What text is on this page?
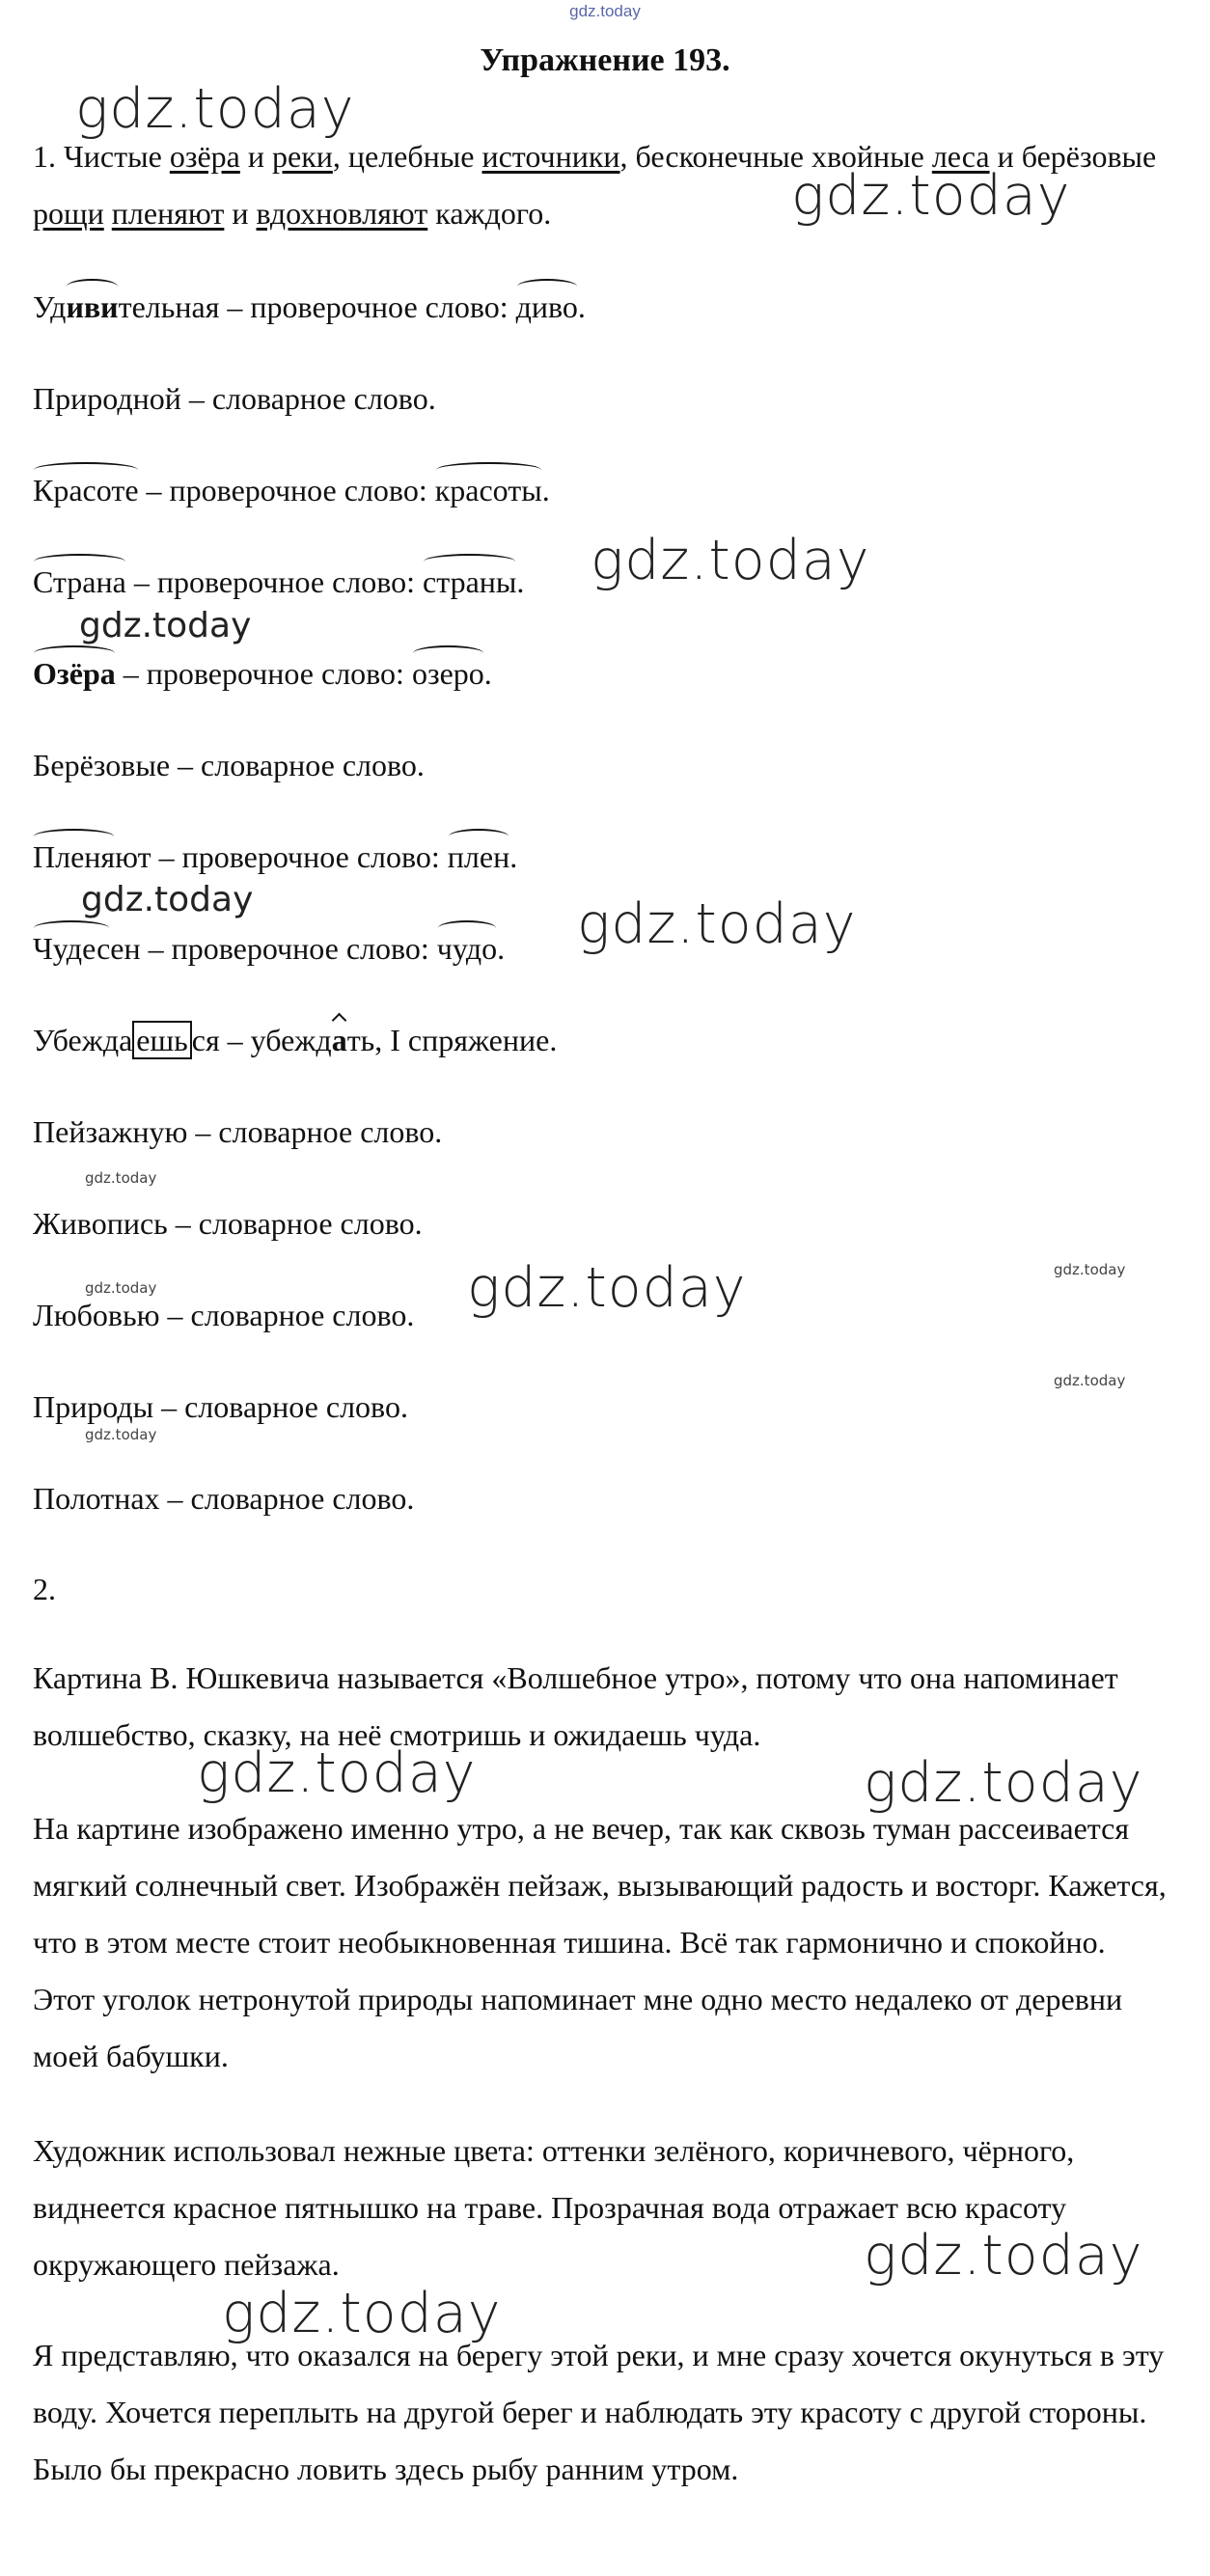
gdz.today
Упражнение 193.
1. Чистые озёра и реки, целебные источники, бесконечные хвойные леса и берёзовые рощи пленяют и вдохновляют каждого.
Удивительная – проверочное слово: диво.
Природной – словарное слово.
Красоте – проверочное слово: красоты.
Страна – проверочное слово: страны.
Озёра – проверочное слово: озеро.
Берёзовые – словарное слово.
Пленяют – проверочное слово: плен.
Чудесен – проверочное слово: чудо.
Убежда ешь ся – убеждать, I спряжение.
Пейзажную – словарное слово.
Живопись – словарное слово.
Любовью – словарное слово.
Природы – словарное слово.
Полотнах – словарное слово.
2.
Картина В. Юшкевича называется «Волшебное утро», потому что она напоминает волшебство, сказку, на неё смотришь и ожидаешь чуда.
На картине изображено именно утро, а не вечер, так как сквозь туман рассеивается мягкий солнечный свет. Изображён пейзаж, вызывающий радость и восторг. Кажется, что в этом месте стоит необыкновенная тишина. Всё так гармонично и спокойно. Этот уголок нетронутой природы напоминает мне одно место недалеко от деревни моей бабушки.
Художник использовал нежные цвета: оттенки зелёного, коричневого, чёрного, виднеется красное пятнышко на траве. Прозрачная вода отражает всю красоту окружающего пейзажа.
Я представляю, что оказался на берегу этой реки, и мне сразу хочется окунуться в эту воду. Хочется переплыть на другой берег и наблюдать эту красоту с другой стороны. Было бы прекрасно ловить здесь рыбу ранним утром.
gdz.today
gdz.today
gdz.today
gdz.today
gdz.today	gdz.today
gdz.today
gdz.today
gdz.today	gdz.today
gdz.today
gdz.today
gdz.today	gdz.today
gdz.today
gdz.today
